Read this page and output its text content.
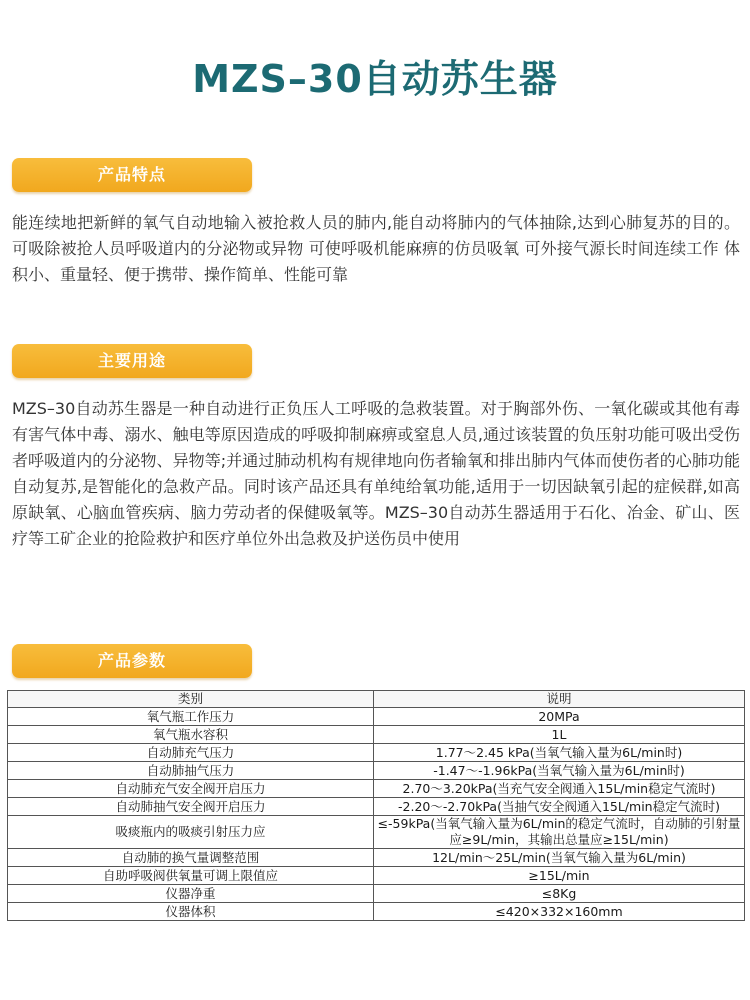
MZS–30自动苏生器
产品特点
能连续地把新鲜的氧气自动地输入被抢救人员的肺内,能自动将肺内的气体抽除,达到心肺复苏的目的。可吸除被抢人员呼吸道内的分泌物或异物 可使呼吸机能麻痹的仿员吸氧 可外接气源长时间连续工作 体积小、重量轻、便于携带、操作简单、性能可靠
主要用途
MZS–30自动苏生器是一种自动进行正负压人工呼吸的急救装置。对于胸部外伤、一氧化碳或其他有毒有害气体中毒、溺水、触电等原因造成的呼吸抑制麻痹或窒息人员,通过该装置的负压射功能可吸出受伤者呼吸道内的分泌物、异物等;并通过肺动机构有规律地向伤者输氧和排出肺内气体而使伤者的心肺功能自动复苏,是智能化的急救产品。同时该产品还具有单纯给氧功能,适用于一切因缺氧引起的症候群,如高原缺氧、心脑血管疾病、脑力劳动者的保健吸氧等。MZS–30自动苏生器适用于石化、冶金、矿山、医疗等工矿企业的抢险救护和医疗单位外出急救及护送伤员中使用
产品参数
类别	说明
氧气瓶工作压力	20MPa
氧气瓶水容积	1L
自动肺充气压力	1.77～2.45 kPa(当氧气输入量为6L/min时)
自动肺抽气压力	-1.47～-1.96kPa(当氧气输入量为6L/min时)
自动肺充气安全阀开启压力	2.70～3.20kPa(当充气安全阀通入15L/min稳定气流时)
自动肺抽气安全阀开启压力	-2.20～-2.70kPa(当抽气安全阀通入15L/min稳定气流时)
吸痰瓶内的吸痰引射压力应	≤-59kPa(当氧气输入量为6L/min的稳定气流时，自动肺的引射量应≥9L/min，其输出总量应≥15L/min)
自动肺的换气量调整范围	12L/min～25L/min(当氧气输入量为6L/min)
自助呼吸阀供氧量可调上限值应	≥15L/min
仪器净重	≤8Kg
仪器体积	≤420×332×160mm
